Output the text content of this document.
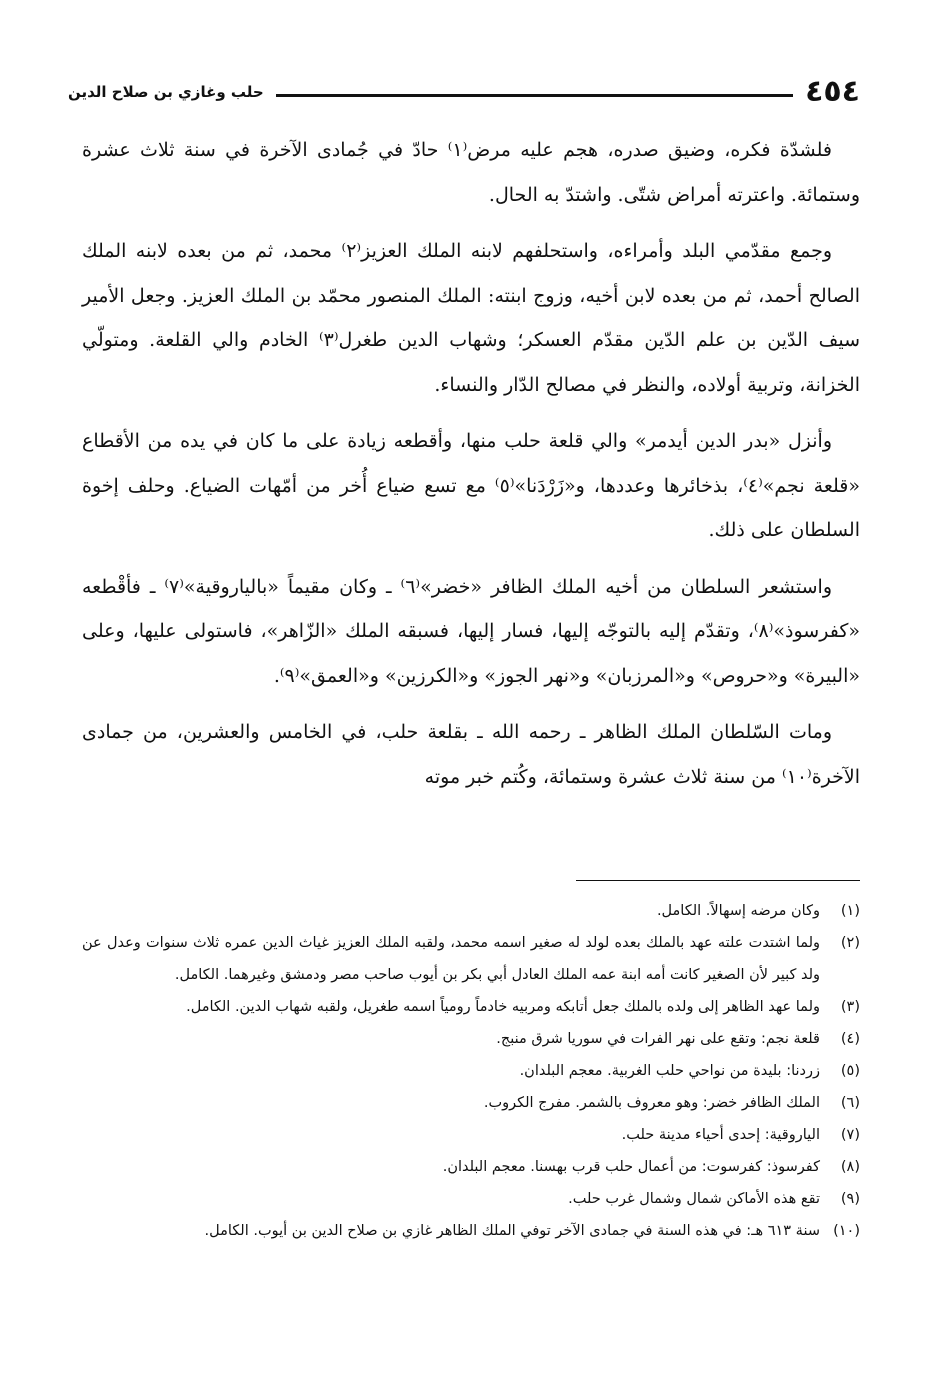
٤٥٤
حلب وغازي بن صلاح الدين

فلشدّة فكره، وضيق صدره، هجم عليه مرض⁽١⁾ حادّ في جُمادى الآخرة في سنة ثلاث عشرة وستمائة. واعترته أمراض شتّى. واشتدّ به الحال.

وجمع مقدّمي البلد وأمراءه، واستحلفهم لابنه الملك العزيز⁽٢⁾ محمد، ثم من بعده لابنه الملك الصالح أحمد، ثم من بعده لابن أخيه، وزوج ابنته: الملك المنصور محمّد بن الملك العزيز. وجعل الأمير سيف الدّين بن علم الدّين مقدّم العسكر؛ وشهاب الدين طغرل⁽٣⁾ الخادم والي القلعة. ومتولّي الخزانة، وتربية أولاده، والنظر في مصالح الدّار والنساء.

وأنزل «بدر الدين أيدمر» والي قلعة حلب منها، وأقطعه زيادة على ما كان في يده من الأقطاع «قلعة نجم»⁽٤⁾، بذخائرها وعددها، و«زَرْدَنا»⁽٥⁾ مع تسع ضياع أُخر من أمّهات الضياع. وحلف إخوة السلطان على ذلك.

واستشعر السلطان من أخيه الملك الظافر «خضر»⁽٦⁾ ـ وكان مقيماً «بالياروقية»⁽٧⁾ ـ فأقْطعه «كفرسوذ»⁽٨⁾، وتقدّم إليه بالتوجّه إليها، فسار إليها، فسبقه الملك «الزّاهر»، فاستولى عليها، وعلى «البيرة» و«حروص» و«المرزبان» و«نهر الجوز» و«الكرزين» و«العمق»⁽٩⁾.

ومات السّلطان الملك الظاهر ـ رحمه الله ـ بقلعة حلب، في الخامس والعشرين، من جمادى الآخرة⁽١٠⁾ من سنة ثلاث عشرة وستمائة، وكُتم خبر موته

(١)
وكان مرضه إسهالاً. الكامل.
(٢)
ولما اشتدت علته عهد بالملك بعده لولد له صغير اسمه محمد، ولقبه الملك العزيز غياث الدين عمره ثلاث سنوات وعدل عن ولد كبير لأن الصغير كانت أمه ابنة عمه الملك العادل أبي بكر بن أيوب صاحب مصر ودمشق وغيرهما. الكامل.
(٣)
ولما عهد الظاهر إلى ولده بالملك جعل أتابكه ومربيه خادماً رومياً اسمه طغريل، ولقبه شهاب الدين. الكامل.
(٤)
قلعة نجم: وتقع على نهر الفرات في سوريا شرق منبج.
(٥)
زردنا: بليدة من نواحي حلب الغربية. معجم البلدان.
(٦)
الملك الظافر خضر: وهو معروف بالشمر. مفرج الكروب.
(٧)
الياروقية: إحدى أحياء مدينة حلب.
(٨)
كفرسوذ: كفرسوت: من أعمال حلب قرب بهسنا. معجم البلدان.
(٩)
تقع هذه الأماكن شمال وشمال غرب حلب.
(١٠)
سنة ٦١٣ هـ: في هذه السنة في جمادى الآخر توفي الملك الظاهر غازي بن صلاح الدين بن أيوب. الكامل.
